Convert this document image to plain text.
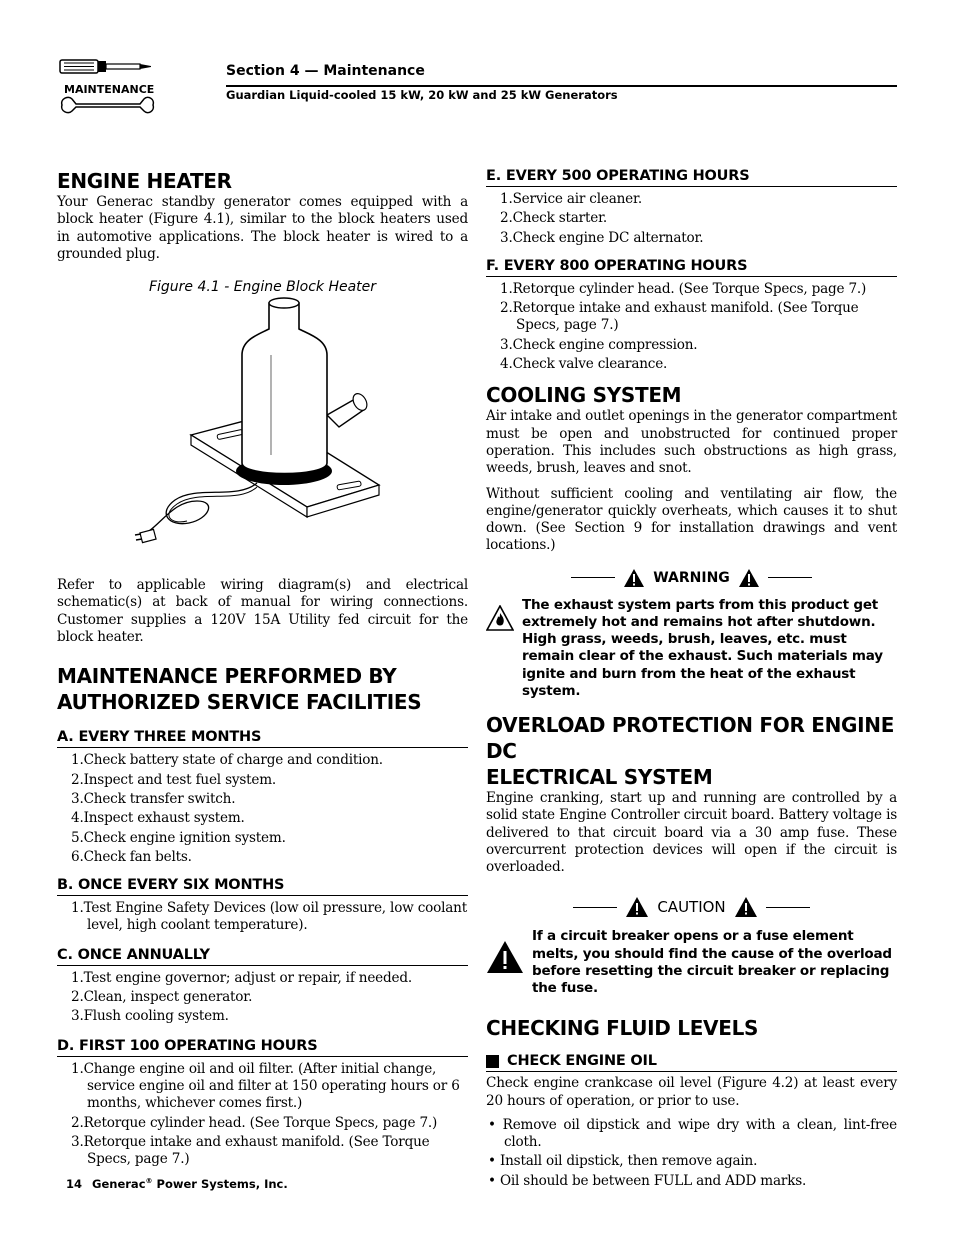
MAINTENANCE
Section 4 — Maintenance
Guardian Liquid-cooled 15 kW, 20 kW and 25 kW Generators
ENGINE HEATER

Your Generac standby generator comes equipped with a block heater (Figure 4.1), similar to the block heaters used in automotive applications. The block heater is wired to a grounded plug.

Figure 4.1 - Engine Block Heater

Refer to applicable wiring diagram(s) and electrical schematic(s) at back of manual for wiring connections. Customer supplies a 120V 15A Utility fed circuit for the block heater.

MAINTENANCE PERFORMED BY
AUTHORIZED SERVICE FACILITIES
A. EVERY THREE MONTHS
1.Check battery state of charge and condition.
2.Inspect and test fuel system.
3.Check transfer switch.
4.Inspect exhaust system.
5.Check engine ignition system.
6.Check fan belts.
B. ONCE EVERY SIX MONTHS
1.Test Engine Safety Devices (low oil pressure, low coolant level, high coolant temperature).
C. ONCE ANNUALLY
1.Test engine governor; adjust or repair, if needed.
2.Clean, inspect generator.
3.Flush cooling system.
D. FIRST 100 OPERATING HOURS
1.Change engine oil and oil filter. (After initial change, service engine oil and filter at 150 operating hours or 6 months, whichever comes first.)
2.Retorque cylinder head. (See Torque Specs, page 7.)
3.Retorque intake and exhaust manifold. (See Torque Specs, page 7.)
E. EVERY 500 OPERATING HOURS
1.Service air cleaner.
2.Check starter.
3.Check engine DC alternator.
F. EVERY 800 OPERATING HOURS
1.Retorque cylinder head. (See Torque Specs, page 7.)
2.Retorque intake and exhaust manifold. (See Torque Specs, page 7.)
3.Check engine compression.
4.Check valve clearance.
COOLING SYSTEM

Air intake and outlet openings in the generator compartment must be open and unobstructed for continued proper operation. This includes such obstructions as high grass, weeds, brush, leaves and snot.

Without sufficient cooling and ventilating air flow, the engine/generator quickly overheats, which causes it to shut down. (See Section 9 for installation drawings and vent locations.)

WARNING
The exhaust system parts from this product get extremely hot and remains hot after shutdown. High grass, weeds, brush, leaves, etc. must remain clear of the exhaust. Such materials may ignite and burn from the heat of the exhaust system.
OVERLOAD PROTECTION FOR ENGINE DC
ELECTRICAL SYSTEM

Engine cranking, start up and running are controlled by a solid state Engine Controller circuit board. Battery voltage is delivered to that circuit board via a 30 amp fuse. These overcurrent protection devices will open if the circuit is overloaded.

CAUTION
If a circuit breaker opens or a fuse element melts, you should find the cause of the overload before resetting the circuit breaker or replacing the fuse.
CHECKING FLUID LEVELS
CHECK ENGINE OIL

Check engine crankcase oil level (Figure 4.2) at least every 20 hours of operation, or prior to use.

• Remove oil dipstick and wipe dry with a clean, lint-free cloth.
• Install oil dipstick, then remove again.
• Oil should be between FULL and ADD marks.
14 Generac® Power Systems, Inc.
